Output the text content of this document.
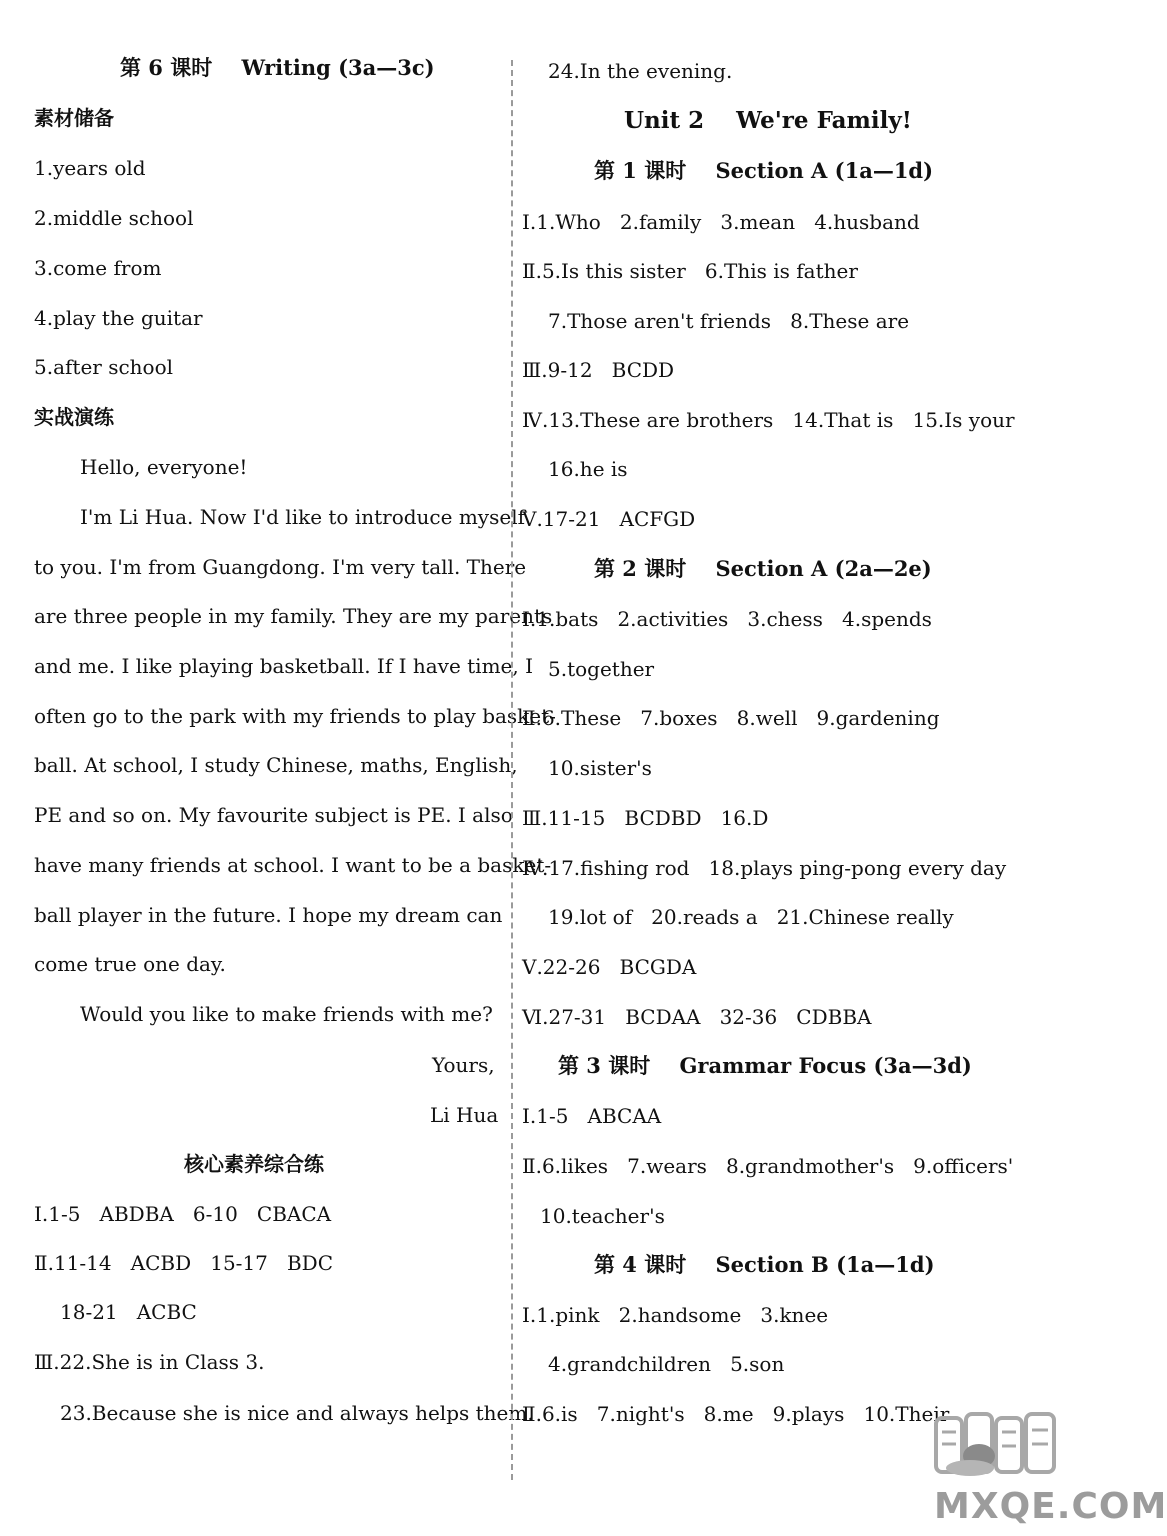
第 6 课时    Writing (3a—3c)
素材储备
1.years old
2.middle school
3.come from
4.play the guitar
5.after school
实战演练
Hello, everyone!
I'm Li Hua. Now I'd like to introduce myself
to you. I'm from Guangdong. I'm very tall. There
are three people in my family. They are my parents
and me. I like playing basketball. If I have time, I
often go to the park with my friends to play basket-
ball. At school, I study Chinese, maths, English,
PE and so on. My favourite subject is PE. I also
have many friends at school. I want to be a basket-
ball player in the future. I hope my dream can
come true one day.
Would you like to make friends with me?
Yours,
Li Hua
核心素养综合练
Ⅰ.1-5   ABDBA   6-10   CBACA
Ⅱ.11-14   ACBD   15-17   BDC
18-21   ACBC
Ⅲ.22.She is in Class 3.
23.Because she is nice and always helps them.
24.In the evening.
Unit 2    We're Family!
第 1 课时    Section A (1a—1d)
Ⅰ.1.Who   2.family   3.mean   4.husband
Ⅱ.5.Is this sister   6.This is father
7.Those aren't friends   8.These are
Ⅲ.9-12   BCDD
Ⅳ.13.These are brothers   14.That is   15.Is your
16.he is
Ⅴ.17-21   ACFGD
第 2 课时    Section A (2a—2e)
Ⅰ.1.bats   2.activities   3.chess   4.spends
5.together
Ⅱ.6.These   7.boxes   8.well   9.gardening
10.sister's
Ⅲ.11-15   BCDBD   16.D
Ⅳ.17.fishing rod   18.plays ping-pong every day
19.lot of   20.reads a   21.Chinese really
Ⅴ.22-26   BCGDA
Ⅵ.27-31   BCDAA   32-36   CDBBA
第 3 课时    Grammar Focus (3a—3d)
Ⅰ.1-5   ABCAA
Ⅱ.6.likes   7.wears   8.grandmother's   9.officers'
10.teacher's
第 4 课时    Section B (1a—1d)
Ⅰ.1.pink   2.handsome   3.knee
4.grandchildren   5.son
Ⅱ.6.is   7.night's   8.me   9.plays   10.Their
MXQE.COM
